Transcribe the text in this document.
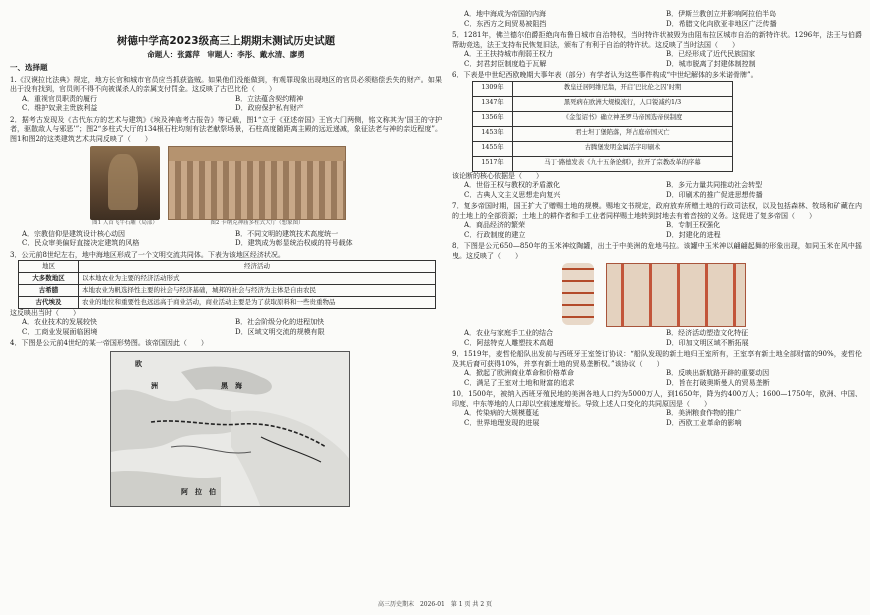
树德中学高2023级高三上期期末测试历史试题
命题人：张露萍　审题人：李彤、戴水清、廖勇
一、选择题

1.《汉谟拉比法典》规定，地方长官和城市官员应当抓获盗贼。如果他们没能做到，有观罪现象出现地区的官员必须赔偿丢失的财产。如果出于没有找到，官员则不得不向被谋杀人的亲属支付罚金。这反映了古巴比伦（　　）

A．重视官员职责的履行	B．立法蕴含契约精神
C．维护奴隶主贵族利益	D．政府保护私有财产

2．据考古发现及《古代东方的艺术与建筑》《埃及神庙考古报告》等记载，图1“立于《亚述帝国》王宫大门两侧，铭文称其为‘国王的守护者，驱散敌人与邪恶’”；图2“多柱式大厅的134根石柱均刻有法老献祭场景，石柱高度随距离主殿的远近递减，象征法老与神的亲近程度”。图1和图2的这类建筑艺术共同反映了（　　）

图1 人首飞牛石雕（局部）	图2 卡纳克神庙多柱式大厅（想象图）
A．宗教信仰是建筑设计核心动因	B．不同文明的建筑技术高度统一
C．民众审美偏好直接决定建筑的风格	D．建筑成为彰显统治权威的符号载体

3．公元前8世纪左右，地中海地区形成了一个文明交流共同体。下表为该地区经济状况。

地区	经济活动
大多数地区	以本地农业为主要的经济活动形式
古希腊	本地农业为帆选择性主要的社会与经济基础，城邦的社会与经济为主体是自由农民
古代埃及	农业的地位和重要性也远远高于商业活动，商业活动主要是为了获取原料和一些贵重物品

这反映出当时（　　）

A．农业技术的发展较快	B．社会阶级分化的进程加快
C．工商业发展面临困境	D．区域文明交流的规模有限

4．下图是公元前4世纪的某一帝国形势图。该帝国因此（　　）

欧
洲	黑　海
阿　拉　伯
A．地中海成为帝国的内海	B．伊斯兰教创立并影响阿拉伯半岛
C．东西方之间贸易被阻挡	D．希腊文化向欧亚非地区广泛传播

5．1281年，佛兰德尔伯爵拒绝向布鲁日城市自治特权，当时特许状被毁为由阻布拉区城市自治的新特许状。1296年，法王与伯爵帮助竞选，法王支持布民恢复旧法，颁布了有利于自治的特许状。这反映了当时法国（　　）

A．王王扶持城市削弱王权力	B．已经形成了近代民族国家
C．封君封臣制度趋于瓦解	D．城市脱离了封建体制控制

6．下表是中世纪西欧晚期大事年表（部分）有学者认为这些事件构成“中世纪解体的多米诺骨牌”。

1309年	教皇迁居阿维尼翁，开启‘巴比伦之囚’时期
1347年	黑死病在欧洲大规模流行，人口锐减约1/3
1356年	《金玺诏书》确立神圣罗马帝国选帝侯制度
1453年	君士坦丁堡陷落，拜占庭帝国灭亡
1455年	古腾堡发明金属活字印刷术
1517年	马丁·路德发表《九十五条论纲》，拉开了宗教改革的序幕

该论断的核心依据是（　　）

A．世俗王权与教权的矛盾激化	B．多元力量共同推动社会转型
C．古典人文主义思想走向复兴	D．印刷术的推广促进思想传播

7．复多帝国时期，国王扩大了赠赐土地的规模。赐地文书规定，政府放弃所赠土地的行政司法权，以及包括森林、牧场和矿藏在内的土地上的全部资源；土地上的耕作者和手工业者同样赐土地转到封地去有着音按的义务。这促进了复多帝国（　　）

A．商品经济的繁荣	B．专制王权强化
C．行政制度的建立	D．封建化的进程

8．下图是公元650—850年的玉米神纹陶罐，出土于中美洲的危地马拉。该罐中玉米神以翩翩起舞的形象出现，如同玉米在风中摇曳。这反映了（　　）

A．农业与家庭手工业的结合	B．经济活动塑造文化特征
C．阿兹特克人雕塑技术高超	D．印加文明区域不断拓展

9．1519年，麦哲伦船队出发前与西班牙王室签订协议：“船队发现的新土地归王室所有，王室享有新土地全部财富的90%，麦哲伦及其后裔可获得10%，并享有新土地的贸易垄断权。”该协议（　　）

A．掀起了欧洲商业革命和价格革命	B．反映出新航路开辟的重要动因
C．满足了王室对土地和财富的追求	D．旨在打破奥斯曼人的贸易垄断

10．1500年，被纳入西班牙殖民地的美洲各地人口约为5000万人，到1650年，降为约400万人；1600—1750年，欧洲、中国、印度、中东等地的人口却以空前速度增长。导致上述人口变化的共同原因是（　　）

A．传染病的大规模蔓延	B．美洲粮食作物的推广
C．世界地理发现的进展	D．西欧工业革命的影响
高三历史期末　2026-01　第 1 页 共 2 页
